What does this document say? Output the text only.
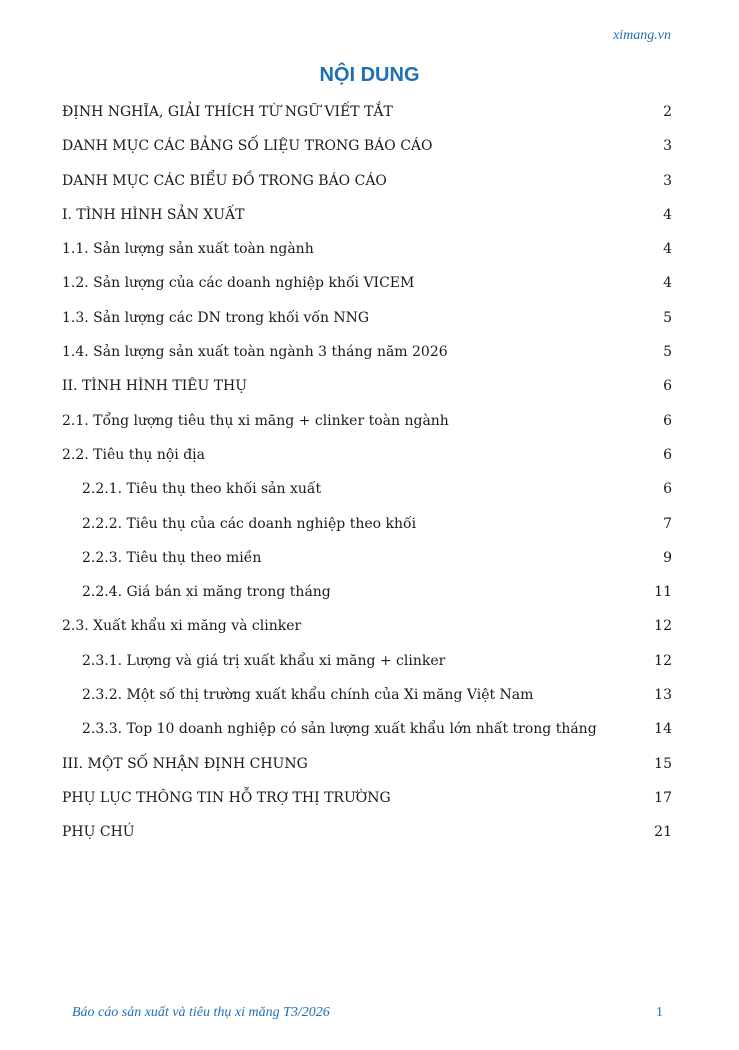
ximang.vn
NỘI DUNG
ĐỊNH NGHĨA, GIẢI THÍCH TỪ NGỮ VIẾT TẮT	2
DANH MỤC CÁC BẢNG SỐ LIỆU TRONG BÁO CÁO	3
DANH MỤC CÁC BIỂU ĐỒ TRONG BÁO CÁO	3
I. TÌNH HÌNH SẢN XUẤT	4
1.1. Sản lượng sản xuất toàn ngành	4
1.2. Sản lượng của các doanh nghiệp khối VICEM	4
1.3. Sản lượng các DN trong khối vốn NNG	5
1.4. Sản lượng sản xuất toàn ngành 3 tháng năm 2026	5
II. TÌNH HÌNH TIÊU THỤ	6
2.1. Tổng lượng tiêu thụ xi măng + clinker toàn ngành	6
2.2. Tiêu thụ nội địa	6
2.2.1. Tiêu thụ theo khối sản xuất	6
2.2.2. Tiêu thụ của các doanh nghiệp theo khối	7
2.2.3. Tiêu thụ theo miền	9
2.2.4. Giá bán xi măng trong tháng	11
2.3. Xuất khẩu xi măng và clinker	12
2.3.1. Lượng và giá trị xuất khẩu xi măng + clinker	12
2.3.2. Một số thị trường xuất khẩu chính của Xi măng Việt Nam	13
2.3.3. Top 10 doanh nghiệp có sản lượng xuất khẩu lớn nhất trong tháng	14
III. MỘT SỐ NHẬN ĐỊNH CHUNG	15
PHỤ LỤC THÔNG TIN HỖ TRỢ THỊ TRƯỜNG	17
PHỤ CHÚ	21
Báo cáo sản xuất và tiêu thụ xi măng T3/2026	1
